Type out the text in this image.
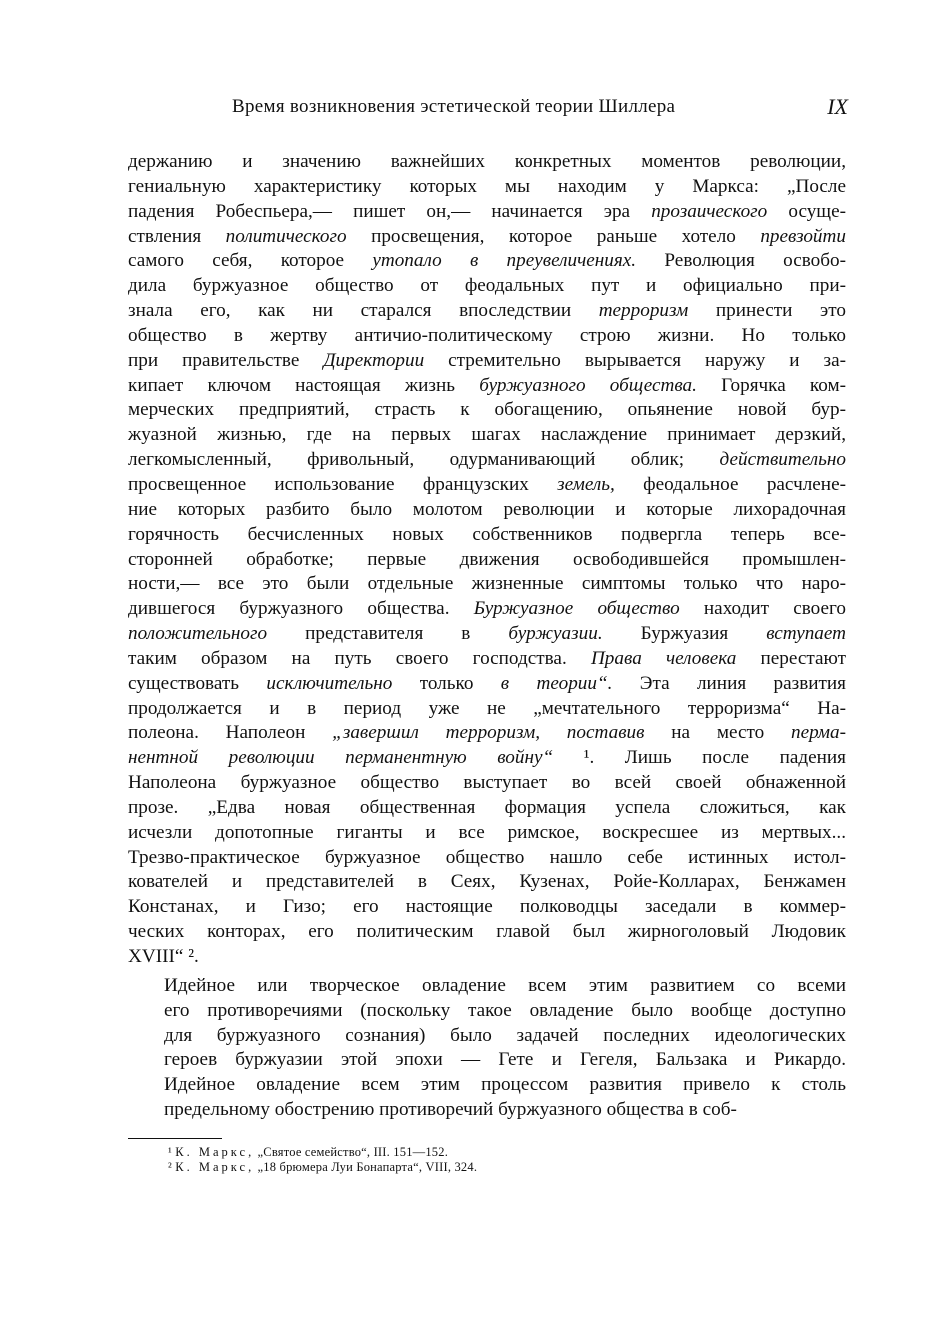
Время возникновения эстетической теории Шиллера	IX

держанию и значению важнейших конкретных моментов революции,
гениальную характеристику которых мы находим у Маркса: „После
падения Робеспьера,— пишет он,— начинается эра прозаического осуще-
ствления политического просвещения, которое раньше хотело превзойти
самого себя, которое утопало в преувеличениях. Революция освобо-
дила буржуазное общество от феодальных пут и официально при-
знала его, как ни старался впоследствии терроризм принести это
общество в жертву античио-политическому строю жизни. Но только
при правительстве Директории стремительно вырывается наружу и за-
кипает ключом настоящая жизнь буржуазного общества. Горячка ком-
мерческих предприятий, страсть к обогащению, опьянение новой бур-
жуазной жизнью, где на первых шагах наслаждение принимает дерзкий,
легкомысленный, фривольный, одурманивающий облик; действительно
просвещенное использование французских земель, феодальное расчлене-
ние которых разбито было молотом революции и которые лихорадочная
горячность бесчисленных новых собственников подвергла теперь все-
сторонней обработке; первые движения освободившейся промышлен-
ности,— все это были отдельные жизненные симптомы только что наро-
дившегося буржуазного общества. Буржуазное общество находит своего
положительного представителя в буржуазии. Буржуазия вступает
таким образом на путь своего господства. Права человека перестают
существовать исключительно только в теории“. Эта линия развития
продолжается и в период уже не „мечтательного терроризма“ На-
полеона. Наполеон „завершил терроризм, поставив на место перма-
нентной революции перманентную войну“ ¹. Лишь после падения
Наполеона буржуазное общество выступает во всей своей обнаженной
прозе. „Едва новая общественная формация успела сложиться, как
исчезли допотопные гиганты и все римское, воскресшее из мертвых...
Трезво-практическое буржуазное общество нашло себе истинных истол-
кователей и представителей в Сеях, Кузенах, Ройе-Колларах, Бенжамен
Констанах, и Гизо; его настоящие полководцы заседали в коммер-
ческих конторах, его политическим главой был жирноголовый Людовик
XVIII“ ².

Идейное или творческое овладение всем этим развитием со всеми
его противоречиями (поскольку такое овладение было вообще доступно
для буржуазного сознания) было задачей последних идеологических
героев буржуазии этой эпохи — Гете и Гегеля, Бальзака и Рикардо.
Идейное овладение всем этим процессом развития привело к столь
предельному обострению противоречий буржуазного общества в соб-

¹ К. Маркс, „Святое семейство“, III. 151—152.
² К. Маркс, „18 брюмера Луи Бонапарта“, VIII, 324.
